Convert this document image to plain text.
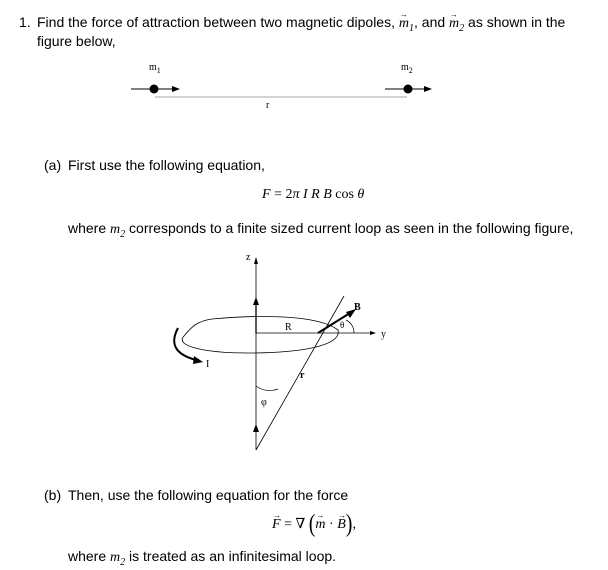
1. Find the force of attraction between two magnetic dipoles, → $m_1$, and → $m_2$ as shown in the
figure below,
$m_1$	$m_2$
r
(a) First use the following equation,
F = 2π I R B cos θ
where $m_2$ corresponds to a finite sized current loop as seen in the following figure,
z
y
B
R	θ
I
r
φ
(b) Then, use the following equation for the force
→ F = ∇ (→ m · → B),
where $m_2$ is treated as an infinitesimal loop.
